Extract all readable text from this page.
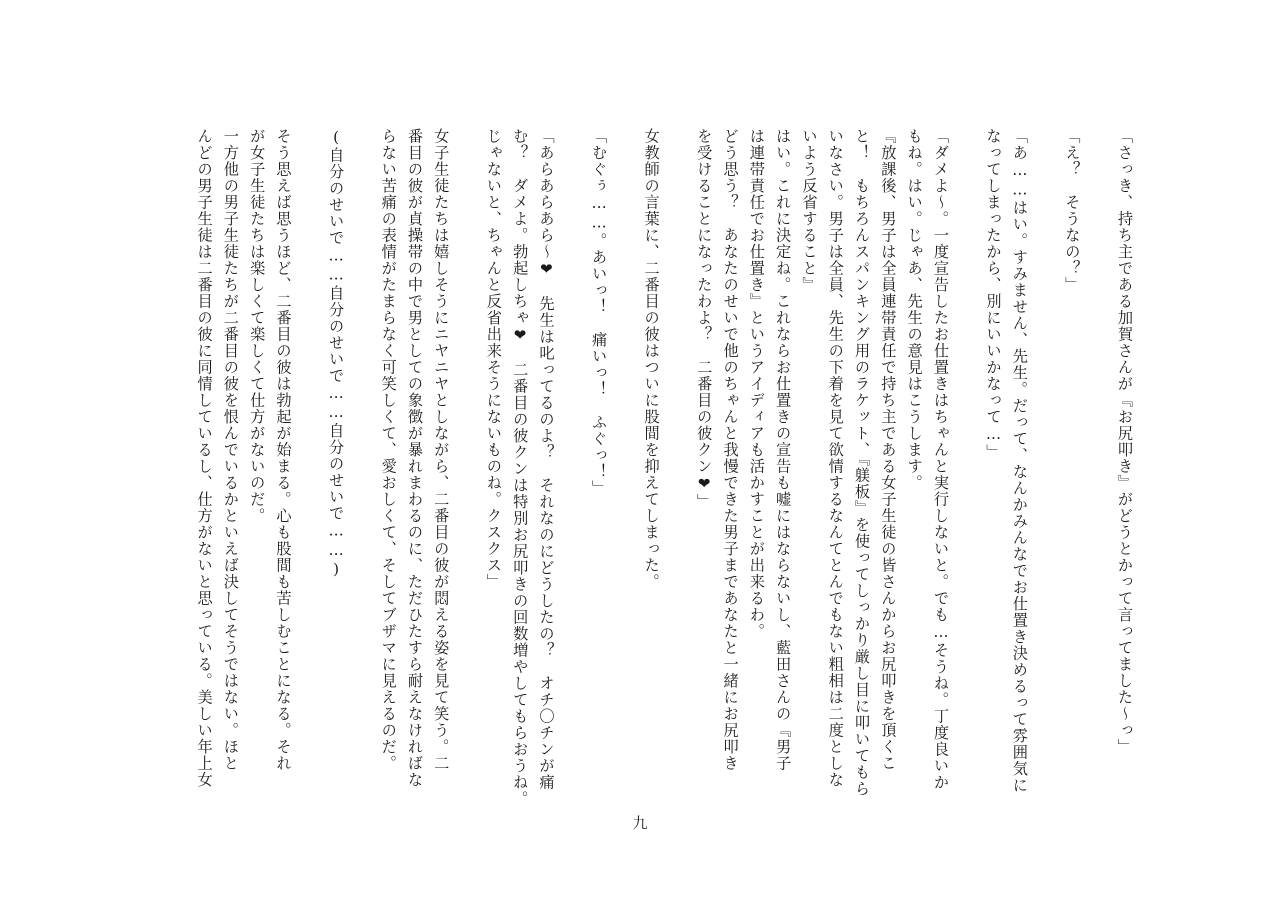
「さっき、持ち主である加賀さんが『お尻叩き』がどうとかって言ってました〜っ」
「え？　そうなの？」
「あ……はい。すみません、先生。だって、なんかみんなでお仕置き決めるって雰囲気に
なってしまったから、別にいいかなって…」
「ダメよ〜。一度宣告したお仕置きはちゃんと実行しないと。でも…そうね。丁度良いか
もね。はい。じゃあ、先生の意見はこうします。
『放課後、男子は全員連帯責任で持ち主である女子生徒の皆さんからお尻叩きを頂くこ
と！　もちろんスパンキング用のラケット、『躾板』を使ってしっかり厳し目に叩いてもら
いなさい。男子は全員、先生の下着を見て欲情するなんてとんでもない粗相は二度としな
いよう反省すること』
はい。これに決定ね。これならお仕置きの宣告も嘘にはならないし、藍田さんの『男子
は連帯責任でお仕置き』というアイディアも活かすことが出来るわ。
どう思う？　あなたのせいで他のちゃんと我慢できた男子まであなたと一緒にお尻叩き
を受けることになったわよ？　二番目の彼クン❤」
女教師の言葉に、二番目の彼はついに股間を抑えてしまった。
「むぐぅ……。あいっ！　痛いっ！　ふぐっ！」
「あらあらあら〜❤　先生は叱ってるのよ？　それなのにどうしたの？　オチ〇チンが痛
む？　ダメよ。勃起しちゃ❤　二番目の彼クンは特別お尻叩きの回数増やしてもらおうね。
じゃないと、ちゃんと反省出来そうにないものね。クスクス」
女子生徒たちは嬉しそうにニヤニヤとしながら、二番目の彼が悶える姿を見て笑う。二
番目の彼が貞操帯の中で男としての象徴が暴れまわるのに、ただひたすら耐えなければな
らない苦痛の表情がたまらなく可笑しくて、愛おしくて、そしてブザマに見えるのだ。
(自分のせいで……自分のせいで……自分のせいで……)
そう思えば思うほど、二番目の彼は勃起が始まる。心も股間も苦しむことになる。それ
が女子生徒たちは楽しくて楽しくて仕方がないのだ。
一方他の男子生徒たちが二番目の彼を恨んでいるかといえば決してそうではない。ほと
んどの男子生徒は二番目の彼に同情しているし、仕方がないと思っている。美しい年上女
九
